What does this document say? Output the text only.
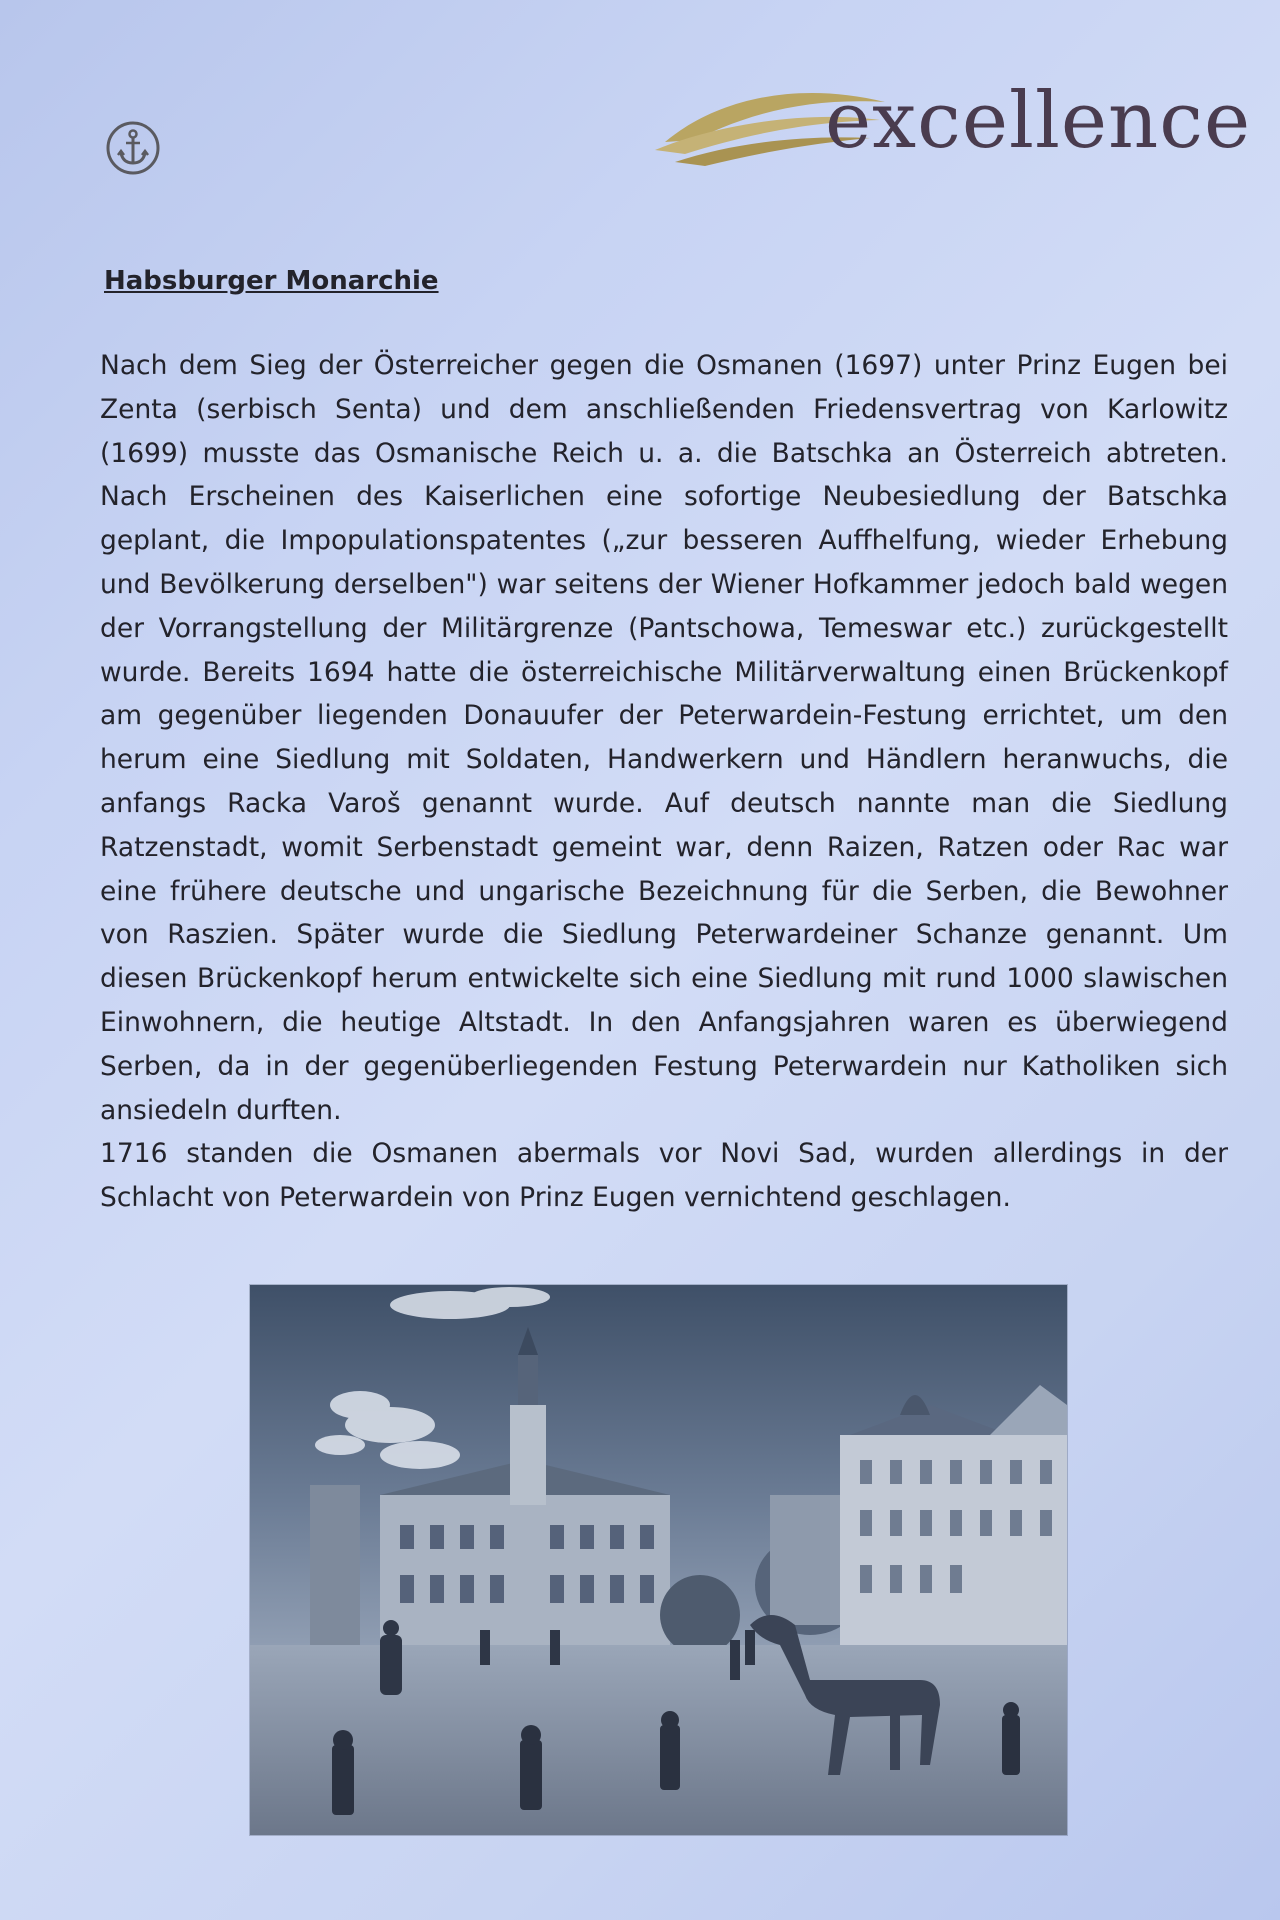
excellence
Habsburger Monarchie

Nach dem Sieg der Österreicher gegen die Osmanen (1697) unter Prinz Eugen bei Zenta (serbisch Senta) und dem anschließenden Friedensvertrag von Karlowitz (1699) musste das Osmanische Reich u. a. die Batschka an Österreich abtreten. Nach Erscheinen des Kaiserlichen eine sofortige Neubesiedlung der Batschka geplant, die Impopulationspatentes („zur besseren Auffhelfung, wieder Erhebung und Bevölkerung derselben") war seitens der Wiener Hofkammer jedoch bald wegen der Vorrangstellung der Militärgrenze (Pantschowa, Temeswar etc.) zurückgestellt wurde. Bereits 1694 hatte die österreichische Militärverwaltung einen Brückenkopf am gegenüber liegenden Donauufer der Peterwardein-Festung errichtet, um den herum eine Siedlung mit Soldaten, Handwerkern und Händlern heranwuchs, die anfangs Racka Varoš genannt wurde. Auf deutsch nannte man die Siedlung Ratzenstadt, womit Serbenstadt gemeint war, denn Raizen, Ratzen oder Rac war eine frühere deutsche und ungarische Bezeichnung für die Serben, die Bewohner von Raszien. Später wurde die Siedlung Peterwardeiner Schanze genannt. Um diesen Brückenkopf herum entwickelte sich eine Siedlung mit rund 1000 slawischen Einwohnern, die heutige Altstadt. In den Anfangsjahren waren es überwiegend Serben, da in der gegenüberliegenden Festung Peterwardein nur Katholiken sich ansiedeln durften.

1716 standen die Osmanen abermals vor Novi Sad, wurden allerdings in der Schlacht von Peterwardein von Prinz Eugen vernichtend geschlagen.
